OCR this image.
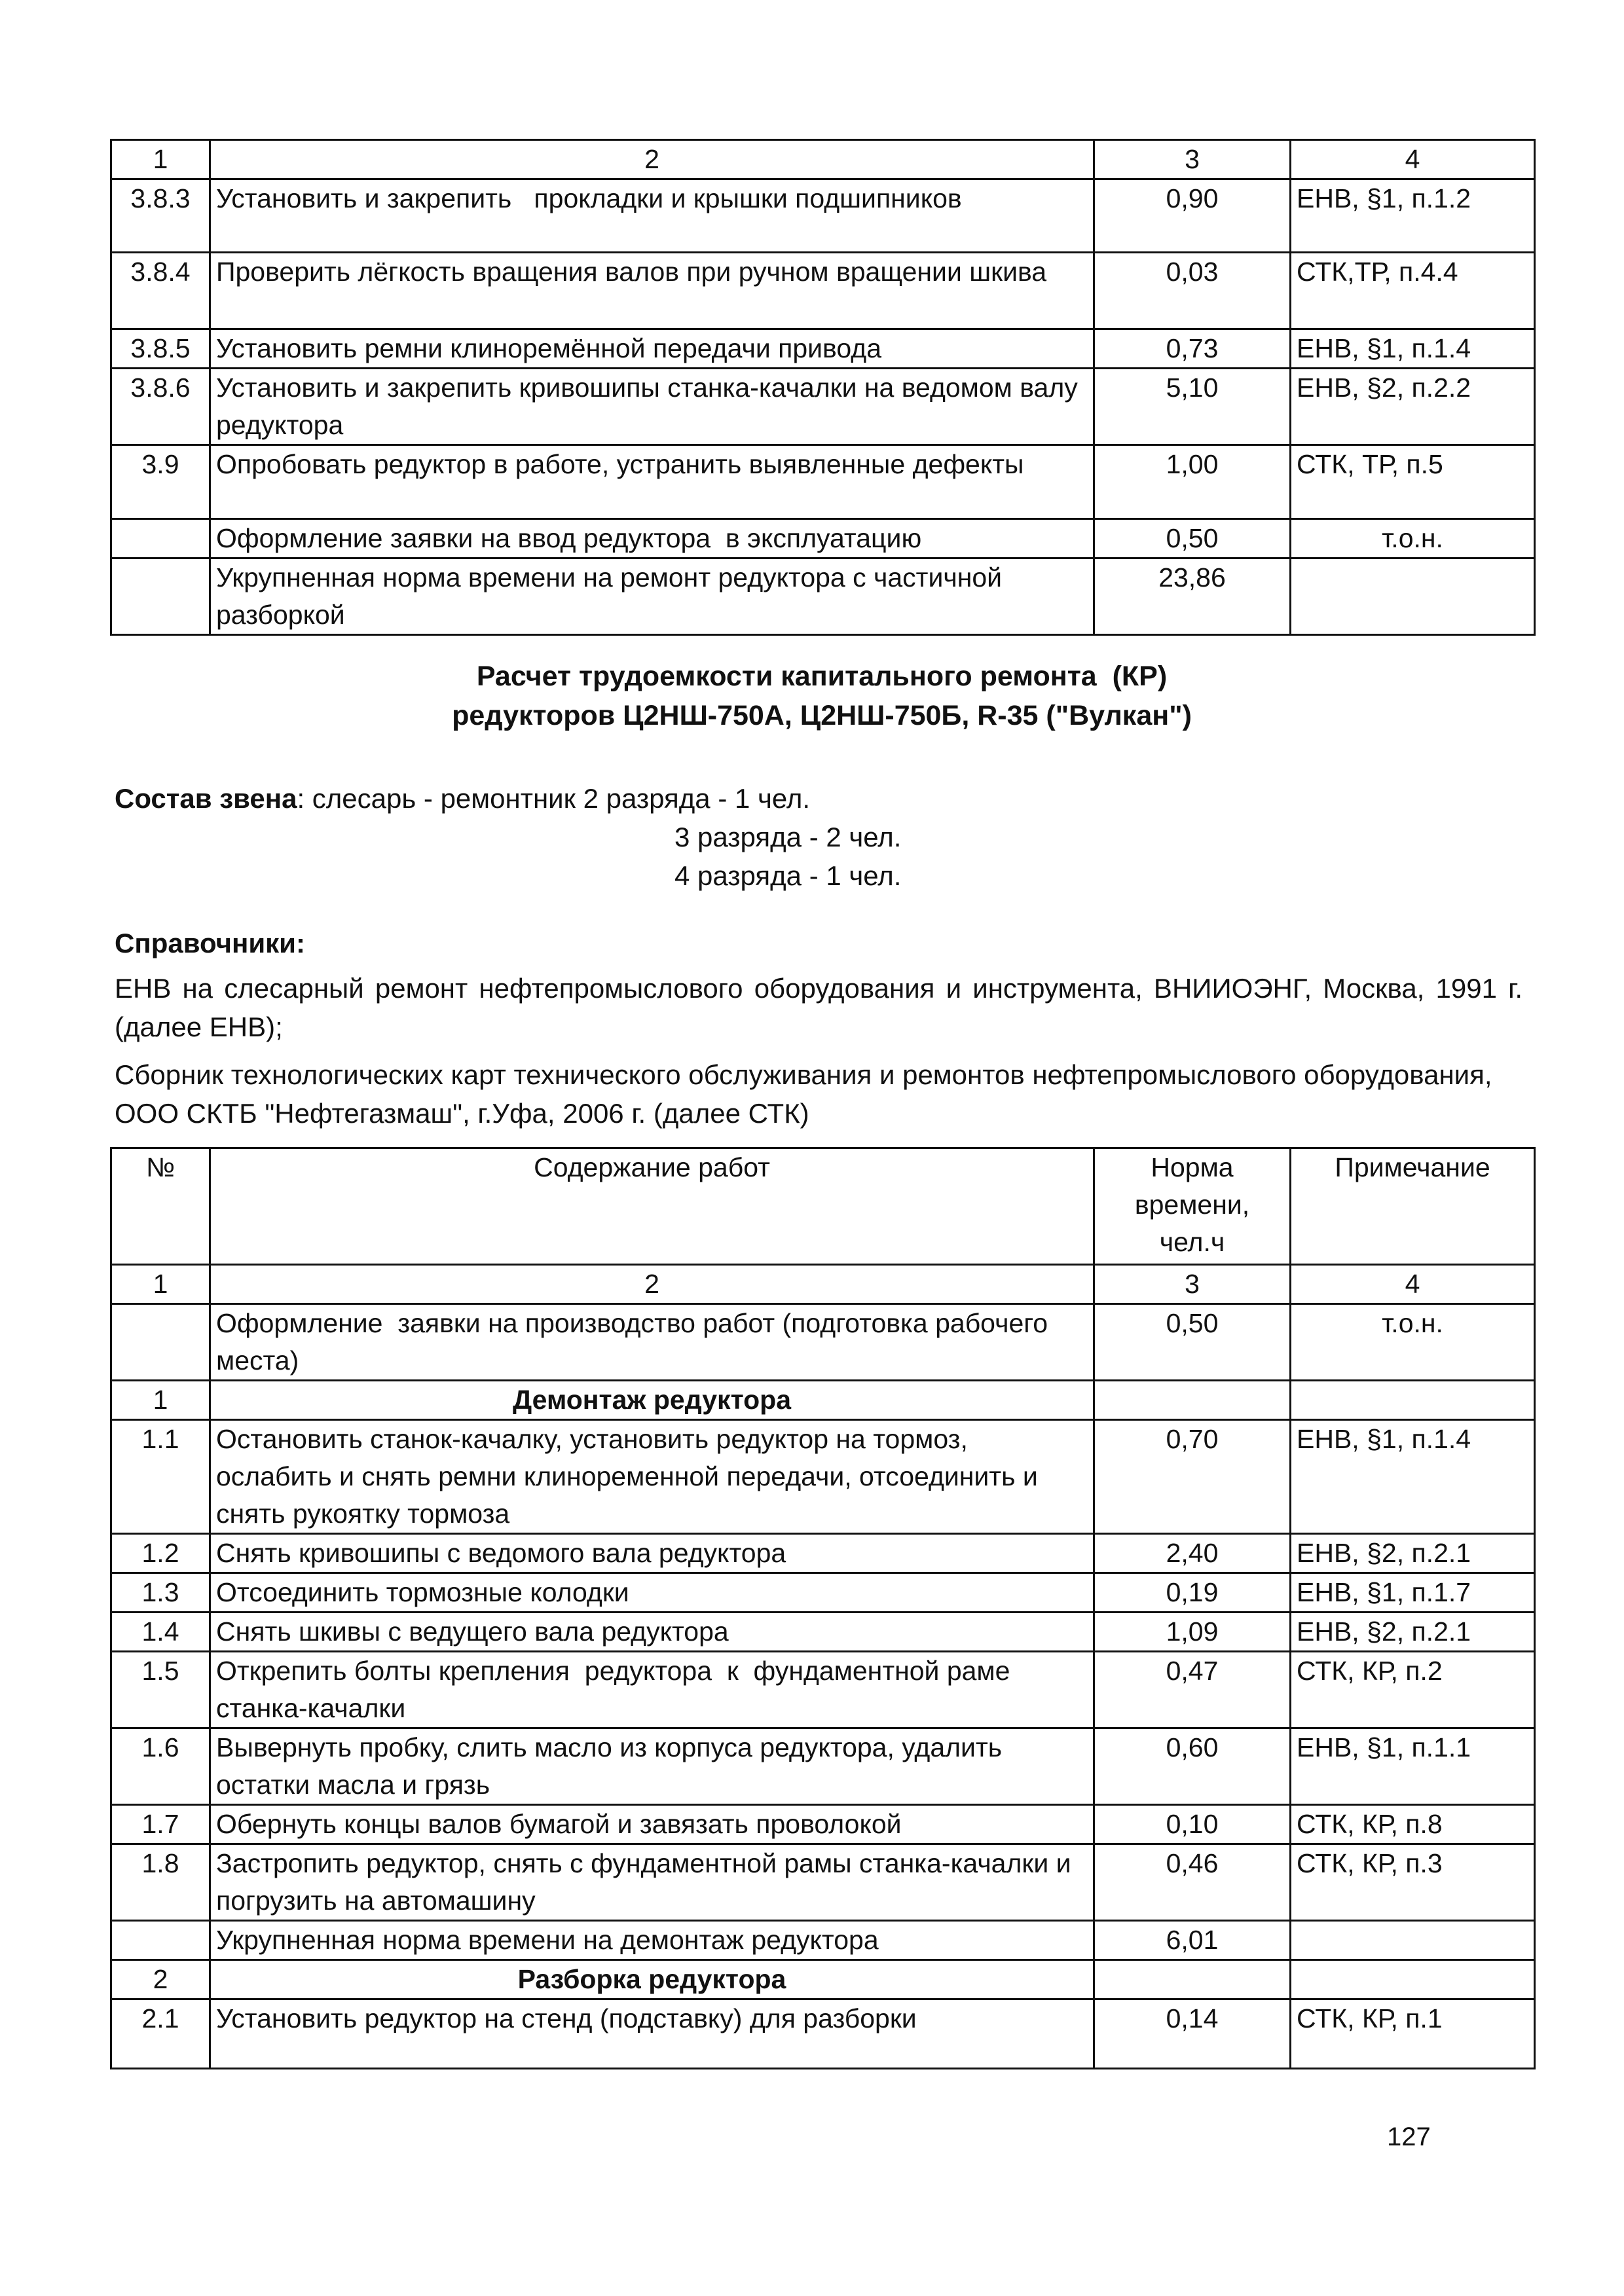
1	2	3	4
3.8.3	Установить и закрепить   прокладки и крышки подшипников	0,90	ЕНВ, §1, п.1.2
3.8.4	Проверить лёгкость вращения валов при ручном вращении шкива	0,03	СТК,ТР, п.4.4
3.8.5	Установить ремни клиноремённой передачи привода	0,73	ЕНВ, §1, п.1.4
3.8.6	Установить и закрепить кривошипы станка-качалки на ведомом валу редуктора	5,10	ЕНВ, §2, п.2.2
3.9	Опробовать редуктор в работе, устранить выявленные дефекты	1,00	СТК, ТР, п.5
	Оформление заявки на ввод редуктора  в эксплуатацию	0,50	т.о.н.
	Укрупненная норма времени на ремонт редуктора с частичной разборкой	23,86	
Расчет трудоемкости капитального ремонта  (КР)
редукторов Ц2НШ-750А, Ц2НШ-750Б, R-35 ("Вулкан")
Состав звена: слесарь - ремонтник 2 разряда - 1 чел.
3 разряда - 2 чел.
4 разряда - 1 чел.
Справочники:
ЕНВ на слесарный ремонт нефтепромыслового оборудования и инструмента, ВНИИОЭНГ, Москва, 1991 г. (далее ЕНВ);
Сборник технологических карт технического обслуживания и ремонтов нефтепромыслового оборудования, ООО СКТБ "Нефтегазмаш", г.Уфа, 2006 г. (далее СТК)
№	Содержание работ	Норма времени, чел.ч	Примечание
1	2	3	4
	Оформление  заявки на производство работ (подготовка рабочего места)	0,50	т.о.н.
1	Демонтаж редуктора		
1.1	Остановить станок-качалку, установить редуктор на тормоз, ослабить и снять ремни клиноременной передачи, отсоединить и снять рукоятку тормоза	0,70	ЕНВ, §1, п.1.4
1.2	Снять кривошипы с ведомого вала редуктора	2,40	ЕНВ, §2, п.2.1
1.3	Отсоединить тормозные колодки	0,19	ЕНВ, §1, п.1.7
1.4	Снять шкивы с ведущего вала редуктора	1,09	ЕНВ, §2, п.2.1
1.5	Открепить болты крепления  редуктора  к  фундаментной раме станка-качалки	0,47	СТК, КР, п.2
1.6	Вывернуть пробку, слить масло из корпуса редуктора, удалить остатки масла и грязь	0,60	ЕНВ, §1, п.1.1
1.7	Обернуть концы валов бумагой и завязать проволокой	0,10	СТК, КР, п.8
1.8	Застропить редуктор, снять с фундаментной рамы станка-качалки и погрузить на автомашину	0,46	СТК, КР, п.3
	Укрупненная норма времени на демонтаж редуктора	6,01	
2	Разборка редуктора		
2.1	Установить редуктор на стенд (подставку) для разборки	0,14	СТК, КР, п.1
127
